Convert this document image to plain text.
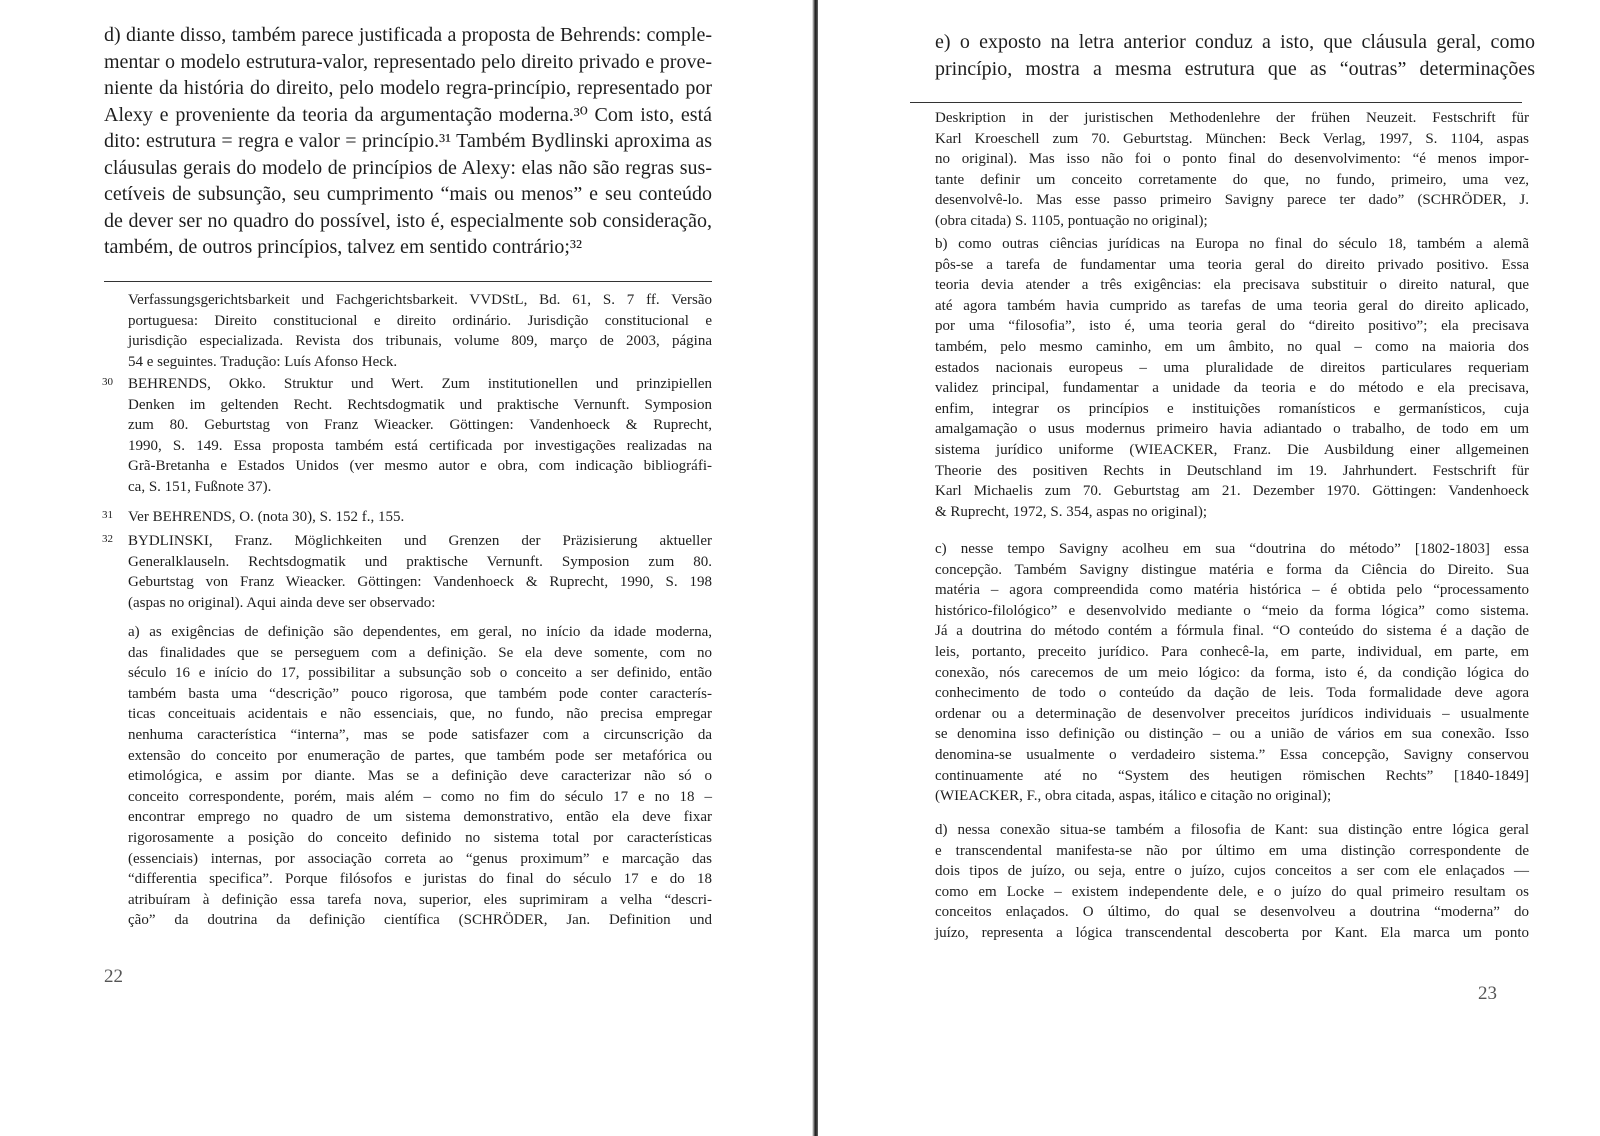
d) diante disso, também parece justificada a proposta de Behrends: comple-
mentar o modelo estrutura-valor, representado pelo direito privado e prove-
niente da história do direito, pelo modelo regra-princípio, representado por
Alexy e proveniente da teoria da argumentação moderna.³⁰ Com isto, está
dito: estrutura = regra e valor = princípio.³¹ Também Bydlinski aproxima as
cláusulas gerais do modelo de princípios de Alexy: elas não são regras sus-
cetíveis de subsunção, seu cumprimento “mais ou menos” e seu conteúdo
de dever ser no quadro do possível, isto é, especialmente sob consideração,
também, de outros princípios, talvez em sentido contrário;³²
Verfassungsgerichtsbarkeit und Fachgerichtsbarkeit. VVDStL, Bd. 61, S. 7 ff. Versão
portuguesa: Direito constitucional e direito ordinário. Jurisdição constitucional e
jurisdição especializada. Revista dos tribunais, volume 809, março de 2003, página
54 e seguintes. Tradução: Luís Afonso Heck.
30 BEHRENDS, Okko. Struktur und Wert. Zum institutionellen und prinzipiellen
Denken im geltenden Recht. Rechtsdogmatik und praktische Vernunft. Symposion
zum 80. Geburtstag von Franz Wieacker. Göttingen: Vandenhoeck & Ruprecht,
1990, S. 149. Essa proposta também está certificada por investigações realizadas na
Grã-Bretanha e Estados Unidos (ver mesmo autor e obra, com indicação bibliográfi-
ca, S. 151, Fußnote 37).
31 Ver BEHRENDS, O. (nota 30), S. 152 f., 155.
32 BYDLINSKI, Franz. Möglichkeiten und Grenzen der Präzisierung aktueller
Generalklauseln. Rechtsdogmatik und praktische Vernunft. Symposion zum 80.
Geburtstag von Franz Wieacker. Göttingen: Vandenhoeck & Ruprecht, 1990, S. 198
(aspas no original). Aqui ainda deve ser observado:
a) as exigências de definição são dependentes, em geral, no início da idade moderna,
das finalidades que se perseguem com a definição. Se ela deve somente, com no
século 16 e início do 17, possibilitar a subsunção sob o conceito a ser definido, então
também basta uma “descrição” pouco rigorosa, que também pode conter caracterís-
ticas conceituais acidentais e não essenciais, que, no fundo, não precisa empregar
nenhuma característica “interna”, mas se pode satisfazer com a circunscrição da
extensão do conceito por enumeração de partes, que também pode ser metafórica ou
etimológica, e assim por diante. Mas se a definição deve caracterizar não só o
conceito correspondente, porém, mais além – como no fim do século 17 e no 18 –
encontrar emprego no quadro de um sistema demonstrativo, então ela deve fixar
rigorosamente a posição do conceito definido no sistema total por características
(essenciais) internas, por associação correta ao “genus proximum” e marcação das
“differentia specifica”. Porque filósofos e juristas do final do século 17 e do 18
atribuíram à definição essa tarefa nova, superior, eles suprimiram a velha “descri-
ção” da doutrina da definição científica (SCHRÖDER, Jan. Definition und
22
e) o exposto na letra anterior conduz a isto, que cláusula geral, como
princípio, mostra a mesma estrutura que as “outras” determinações
Deskription in der juristischen Methodenlehre der frühen Neuzeit. Festschrift für
Karl Kroeschell zum 70. Geburtstag. München: Beck Verlag, 1997, S. 1104, aspas
no original). Mas isso não foi o ponto final do desenvolvimento: “é menos impor-
tante definir um conceito corretamente do que, no fundo, primeiro, uma vez,
desenvolvê-lo. Mas esse passo primeiro Savigny parece ter dado” (SCHRÖDER, J.
(obra citada) S. 1105, pontuação no original);
b) como outras ciências jurídicas na Europa no final do século 18, também a alemã
pôs-se a tarefa de fundamentar uma teoria geral do direito privado positivo. Essa
teoria devia atender a três exigências: ela precisava substituir o direito natural, que
até agora também havia cumprido as tarefas de uma teoria geral do direito aplicado,
por uma “filosofia”, isto é, uma teoria geral do “direito positivo”; ela precisava
também, pelo mesmo caminho, em um âmbito, no qual – como na maioria dos
estados nacionais europeus – uma pluralidade de direitos particulares requeriam
validez principal, fundamentar a unidade da teoria e do método e ela precisava,
enfim, integrar os princípios e instituições romanísticos e germanísticos, cuja
amalgamação o usus modernus primeiro havia adiantado o trabalho, de todo em um
sistema jurídico uniforme (WIEACKER, Franz. Die Ausbildung einer allgemeinen
Theorie des positiven Rechts in Deutschland im 19. Jahrhundert. Festschrift für
Karl Michaelis zum 70. Geburtstag am 21. Dezember 1970. Göttingen: Vandenhoeck
& Ruprecht, 1972, S. 354, aspas no original);
c) nesse tempo Savigny acolheu em sua “doutrina do método” [1802-1803] essa
concepção. Também Savigny distingue matéria e forma da Ciência do Direito. Sua
matéria – agora compreendida como matéria histórica – é obtida pelo “processamento
histórico-filológico” e desenvolvido mediante o “meio da forma lógica” como sistema.
Já a doutrina do método contém a fórmula final. “O conteúdo do sistema é a dação de
leis, portanto, preceito jurídico. Para conhecê-la, em parte, individual, em parte, em
conexão, nós carecemos de um meio lógico: da forma, isto é, da condição lógica do
conhecimento de todo o conteúdo da dação de leis. Toda formalidade deve agora
ordenar ou a determinação de desenvolver preceitos jurídicos individuais – usualmente
se denomina isso definição ou distinção – ou a união de vários em sua conexão. Isso
denomina-se usualmente o verdadeiro sistema.” Essa concepção, Savigny conservou
continuamente até no “System des heutigen römischen Rechts” [1840-1849]
(WIEACKER, F., obra citada, aspas, itálico e citação no original);
d) nessa conexão situa-se também a filosofia de Kant: sua distinção entre lógica geral
e transcendental manifesta-se não por último em uma distinção correspondente de
dois tipos de juízo, ou seja, entre o juízo, cujos conceitos a ser com ele enlaçados —
como em Locke – existem independente dele, e o juízo do qual primeiro resultam os
conceitos enlaçados. O último, do qual se desenvolveu a doutrina “moderna” do
juízo, representa a lógica transcendental descoberta por Kant. Ela marca um ponto
23
